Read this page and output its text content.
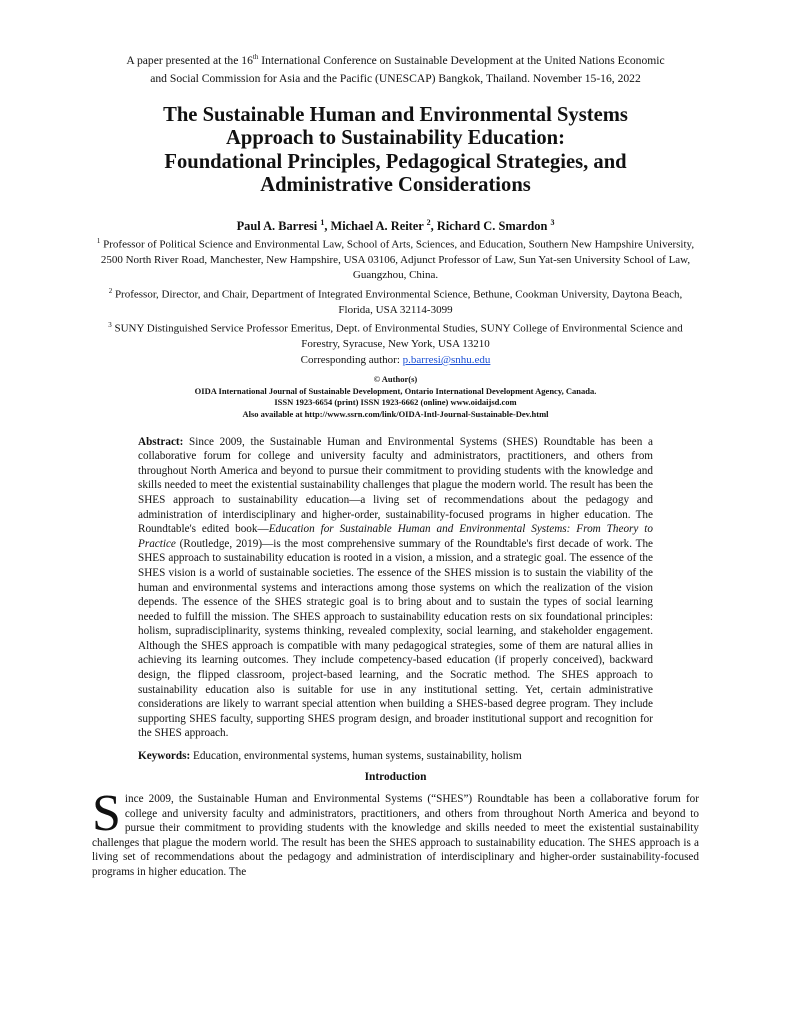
A paper presented at the 16th International Conference on Sustainable Development at the United Nations Economic
and Social Commission for Asia and the Pacific (UNESCAP) Bangkok, Thailand. November 15-16, 2022

The Sustainable Human and Environmental Systems
Approach to Sustainability Education:
Foundational Principles, Pedagogical Strategies, and
Administrative Considerations

Paul A. Barresi $^1$, Michael A. Reiter $^2$, Richard C. Smardon $^3$

$^1$ Professor of Political Science and Environmental Law, School of Arts, Sciences, and Education, Southern New Hampshire University, 2500 North River Road, Manchester, New Hampshire, USA 03106, Adjunct Professor of Law, Sun Yat-sen University School of Law, Guangzhou, China.

$^2$ Professor, Director, and Chair, Department of Integrated Environmental Science, Bethune, Cookman University, Daytona Beach, Florida, USA 32114-3099

$^3$ SUNY Distinguished Service Professor Emeritus, Dept. of Environmental Studies, SUNY College of Environmental Science and Forestry, Syracuse, New York, USA 13210

Corresponding author: p.barresi@snhu.edu

© Author(s)
OIDA International Journal of Sustainable Development, Ontario International Development Agency, Canada.
ISSN 1923-6654 (print) ISSN 1923-6662 (online) www.oidaijsd.com
Also available at http://www.ssrn.com/link/OIDA-Intl-Journal-Sustainable-Dev.html

Abstract: Since 2009, the Sustainable Human and Environmental Systems (SHES) Roundtable has been a collaborative forum for college and university faculty and administrators, practitioners, and others from throughout North America and beyond to pursue their commitment to providing students with the knowledge and skills needed to meet the existential sustainability challenges that plague the modern world. The result has been the SHES approach to sustainability education—a living set of recommendations about the pedagogy and administration of interdisciplinary and higher-order, sustainability-focused programs in higher education. The Roundtable's edited book—Education for Sustainable Human and Environmental Systems: From Theory to Practice (Routledge, 2019)—is the most comprehensive summary of the Roundtable's first decade of work. The SHES approach to sustainability education is rooted in a vision, a mission, and a strategic goal. The essence of the SHES vision is a world of sustainable societies. The essence of the SHES mission is to sustain the viability of the human and environmental systems and interactions among those systems on which the realization of the vision depends. The essence of the SHES strategic goal is to bring about and to sustain the types of social learning needed to fulfill the mission. The SHES approach to sustainability education rests on six foundational principles: holism, supradisciplinarity, systems thinking, revealed complexity, social learning, and stakeholder engagement. Although the SHES approach is compatible with many pedagogical strategies, some of them are natural allies in achieving its learning outcomes. They include competency-based education (if properly conceived), backward design, the flipped classroom, project-based learning, and the Socratic method. The SHES approach to sustainability education also is suitable for use in any institutional setting. Yet, certain administrative considerations are likely to warrant special attention when building a SHES-based degree program. They include supporting SHES faculty, supporting SHES program design, and broader institutional support and recognition for the SHES approach.

Keywords: Education, environmental systems, human systems, sustainability, holism

Introduction

Since 2009, the Sustainable Human and Environmental Systems (“SHES”) Roundtable has been a collaborative forum for college and university faculty and administrators, practitioners, and others from throughout North America and beyond to pursue their commitment to providing students with the knowledge and skills needed to meet the existential sustainability challenges that plague the modern world. The result has been the SHES approach to sustainability education. The SHES approach is a living set of recommendations about the pedagogy and administration of interdisciplinary and higher-order sustainability-focused programs in higher education. The
